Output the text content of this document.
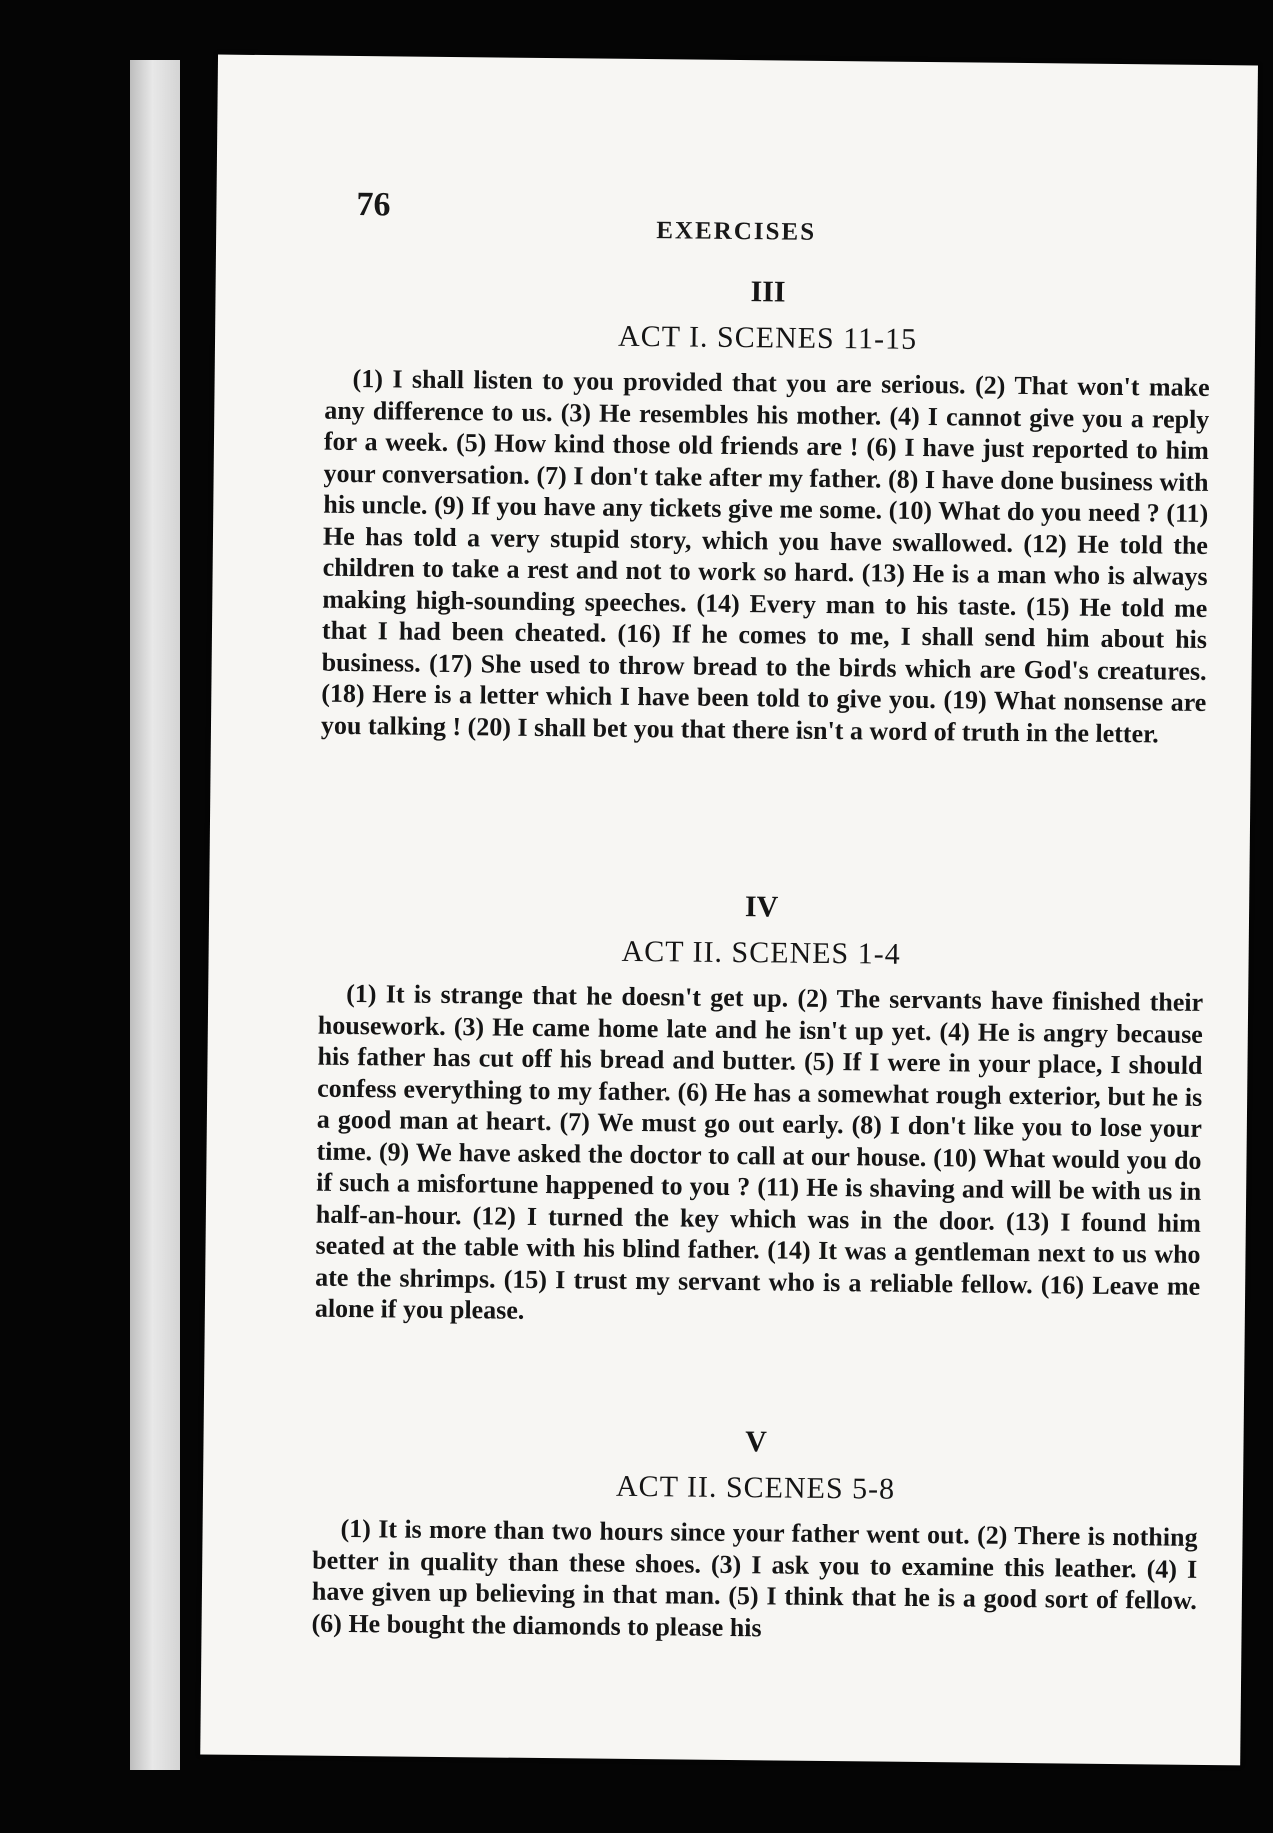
76
EXERCISES

III

ACT I. SCENES 11-15

(1) I shall listen to you provided that you are serious. (2) That won't make any difference to us. (3) He resembles his mother. (4) I cannot give you a reply for a week. (5) How kind those old friends are ! (6) I have just reported to him your conversation. (7) I don't take after my father. (8) I have done business with his uncle. (9) If you have any tickets give me some. (10) What do you need ? (11) He has told a very stupid story, which you have swallowed. (12) He told the children to take a rest and not to work so hard. (13) He is a man who is always making high-sounding speeches. (14) Every man to his taste. (15) He told me that I had been cheated. (16) If he comes to me, I shall send him about his business. (17) She used to throw bread to the birds which are God's creatures. (18) Here is a letter which I have been told to give you. (19) What nonsense are you talking ! (20) I shall bet you that there isn't a word of truth in the letter.

IV

ACT II. SCENES 1-4

(1) It is strange that he doesn't get up. (2) The servants have finished their housework. (3) He came home late and he isn't up yet. (4) He is angry because his father has cut off his bread and butter. (5) If I were in your place, I should confess everything to my father. (6) He has a somewhat rough exterior, but he is a good man at heart. (7) We must go out early. (8) I don't like you to lose your time. (9) We have asked the doctor to call at our house. (10) What would you do if such a misfortune happened to you ? (11) He is shaving and will be with us in half-an-hour. (12) I turned the key which was in the door. (13) I found him seated at the table with his blind father. (14) It was a gentleman next to us who ate the shrimps. (15) I trust my servant who is a reliable fellow. (16) Leave me alone if you please.

V

ACT II. SCENES 5-8

(1) It is more than two hours since your father went out. (2) There is nothing better in quality than these shoes. (3) I ask you to examine this leather. (4) I have given up believing in that man. (5) I think that he is a good sort of fellow. (6) He bought the diamonds to please his
